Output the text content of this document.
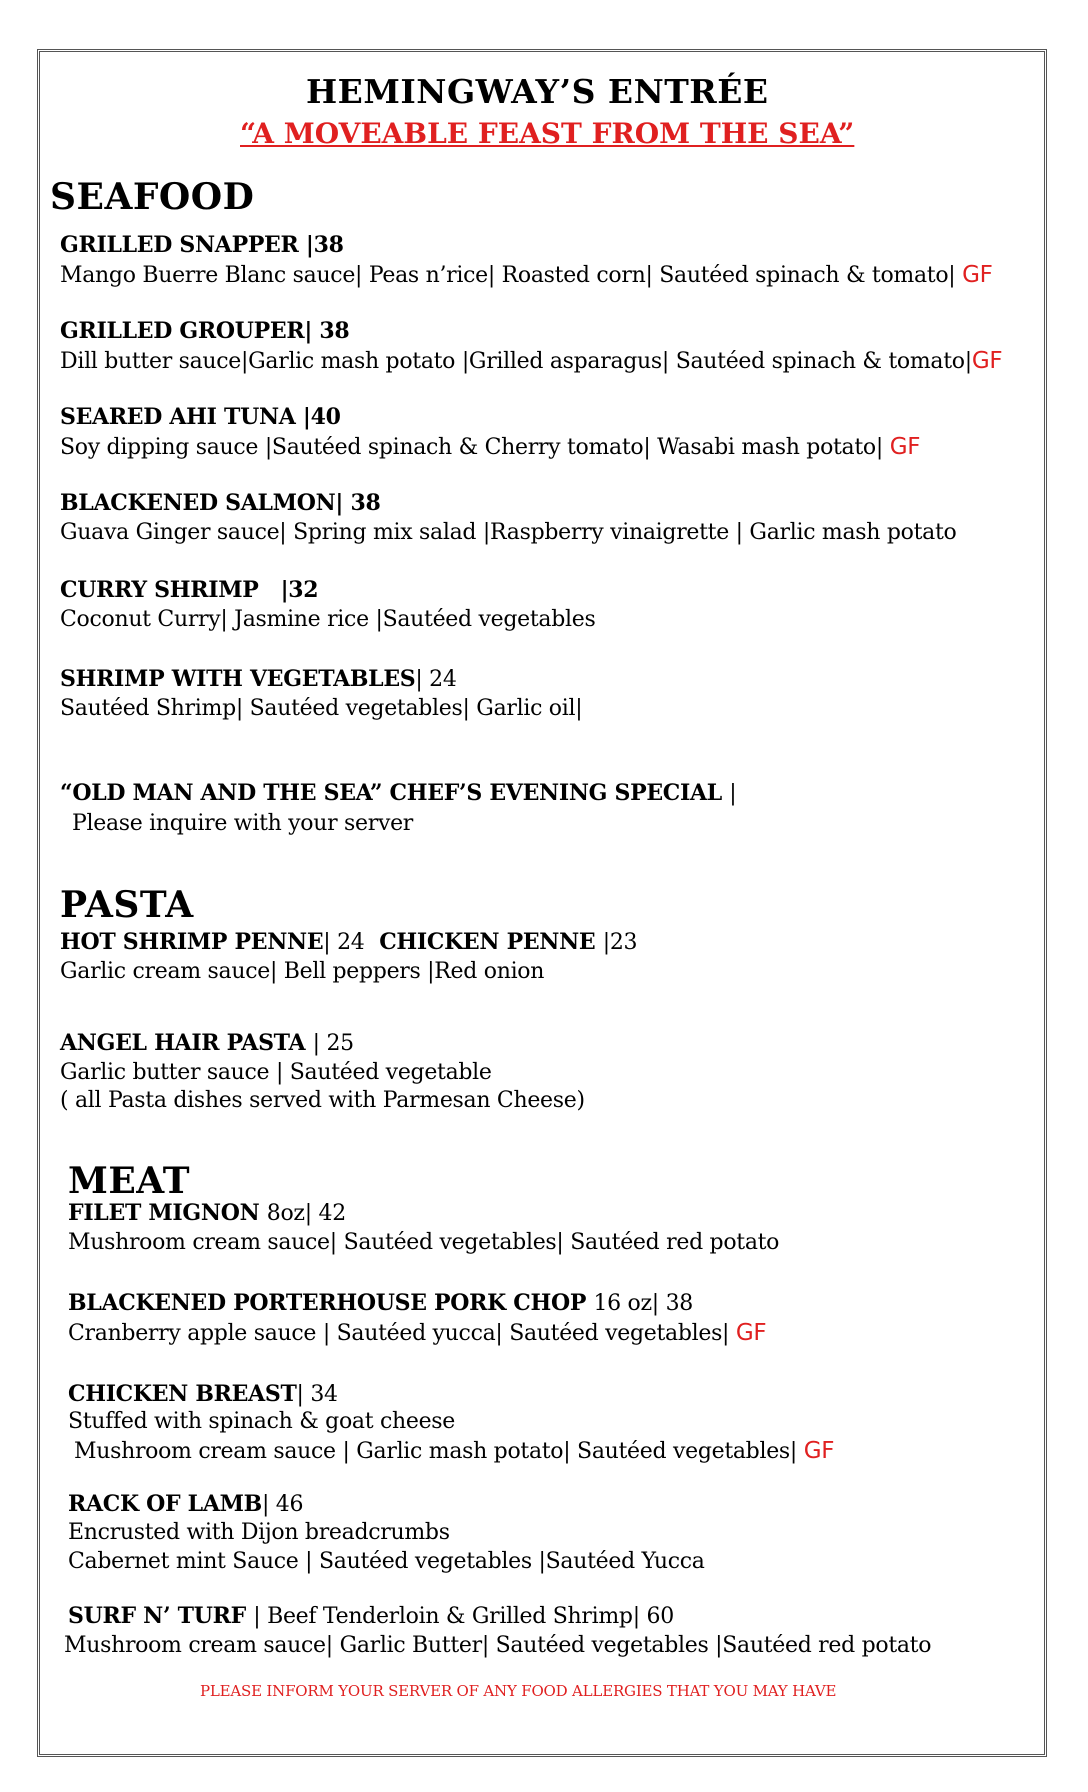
HEMINGWAY’S ENTRÉE
“A MOVEABLE FEAST FROM THE SEA”
SEAFOOD
GRILLED SNAPPER |38
Mango Buerre Blanc sauce| Peas n’rice| Roasted corn| Sautéed spinach & tomato| GF
GRILLED GROUPER| 38
Dill butter sauce|Garlic mash potato |Grilled asparagus| Sautéed spinach & tomato|GF
SEARED AHI TUNA |40
Soy dipping sauce |Sautéed spinach & Cherry tomato| Wasabi mash potato| GF
BLACKENED SALMON| 38
Guava Ginger sauce| Spring mix salad |Raspberry vinaigrette | Garlic mash potato
CURRY SHRIMP |32
Coconut Curry| Jasmine rice |Sautéed vegetables
SHRIMP WITH VEGETABLES| 24
Sautéed Shrimp| Sautéed vegetables| Garlic oil|
“OLD MAN AND THE SEA” CHEF’S EVENING SPECIAL |
Please inquire with your server
PASTA
HOT SHRIMP PENNE| 24 CHICKEN PENNE |23
Garlic cream sauce| Bell peppers |Red onion
ANGEL HAIR PASTA | 25
Garlic butter sauce | Sautéed vegetable
( all Pasta dishes served with Parmesan Cheese)
MEAT
FILET MIGNON 8oz| 42
Mushroom cream sauce| Sautéed vegetables| Sautéed red potato
BLACKENED PORTERHOUSE PORK CHOP 16 oz| 38
Cranberry apple sauce | Sautéed yucca| Sautéed vegetables| GF
CHICKEN BREAST| 34
Stuffed with spinach & goat cheese
Mushroom cream sauce | Garlic mash potato| Sautéed vegetables| GF
RACK OF LAMB| 46
Encrusted with Dijon breadcrumbs
Cabernet mint Sauce | Sautéed vegetables |Sautéed Yucca
SURF N’ TURF | Beef Tenderloin & Grilled Shrimp| 60
Mushroom cream sauce| Garlic Butter| Sautéed vegetables |Sautéed red potato
PLEASE INFORM YOUR SERVER OF ANY FOOD ALLERGIES THAT YOU MAY HAVE
